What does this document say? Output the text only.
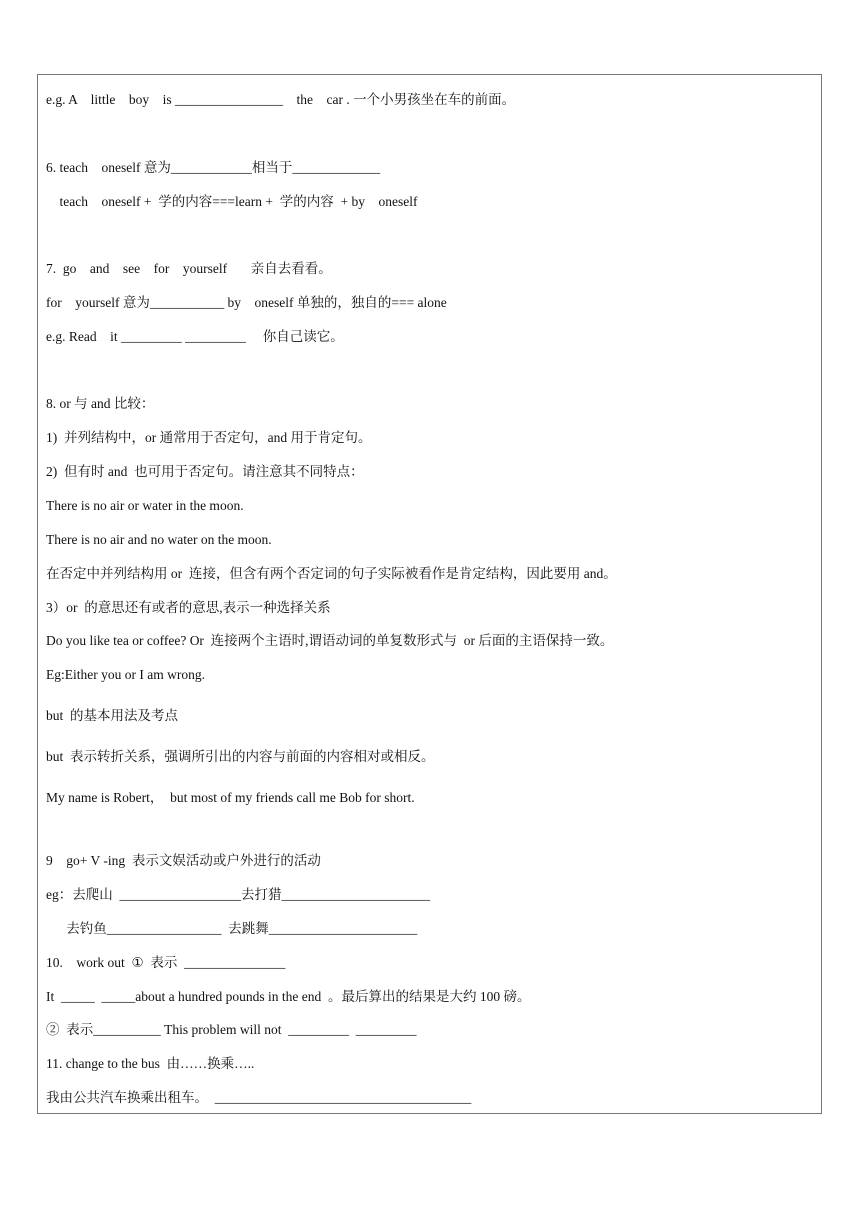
e.g. A    little    boy    is ________________    the    car . 一个小男孩坐在车的前面。
6. teach    oneself 意为____________相当于_____________
teach    oneself +  学的内容===learn +  学的内容  + by    oneself
7.  go    and    see    for    yourself       亲自去看看。
for    yourself 意为___________ by    oneself 单独的，独自的=== alone
e.g. Read    it _________ _________     你自己读它。
8. or 与 and 比较：
1)  并列结构中，or 通常用于否定句，and 用于肯定句。
2)  但有时 and  也可用于否定句。请注意其不同特点：
There is no air or water in the moon.
There is no air and no water on the moon.
在否定中并列结构用 or  连接，但含有两个否定词的句子实际被看作是肯定结构，因此要用 and。
3）or  的意思还有或者的意思,表示一种选择关系
Do you like tea or coffee? Or  连接两个主语时,谓语动词的单复数形式与  or 后面的主语保持一致。
Eg:Either you or I am wrong.
but  的基本用法及考点
but  表示转折关系，强调所引出的内容与前面的内容相对或相反。
My name is Robert，  but most of my friends call me Bob for short.
9    go+ V -ing  表示文娱活动或户外进行的活动
eg：去爬山  __________________去打猎______________________
去钓鱼_________________  去跳舞______________________
10.    work out  ①  表示  _______________
It  _____  _____about a hundred pounds in the end  。最后算出的结果是大约 100 磅。
②  表示__________ This problem will not  _________  _________
11. change to the bus  由……换乘…..
我由公共汽车换乘出租车。  ______________________________________
